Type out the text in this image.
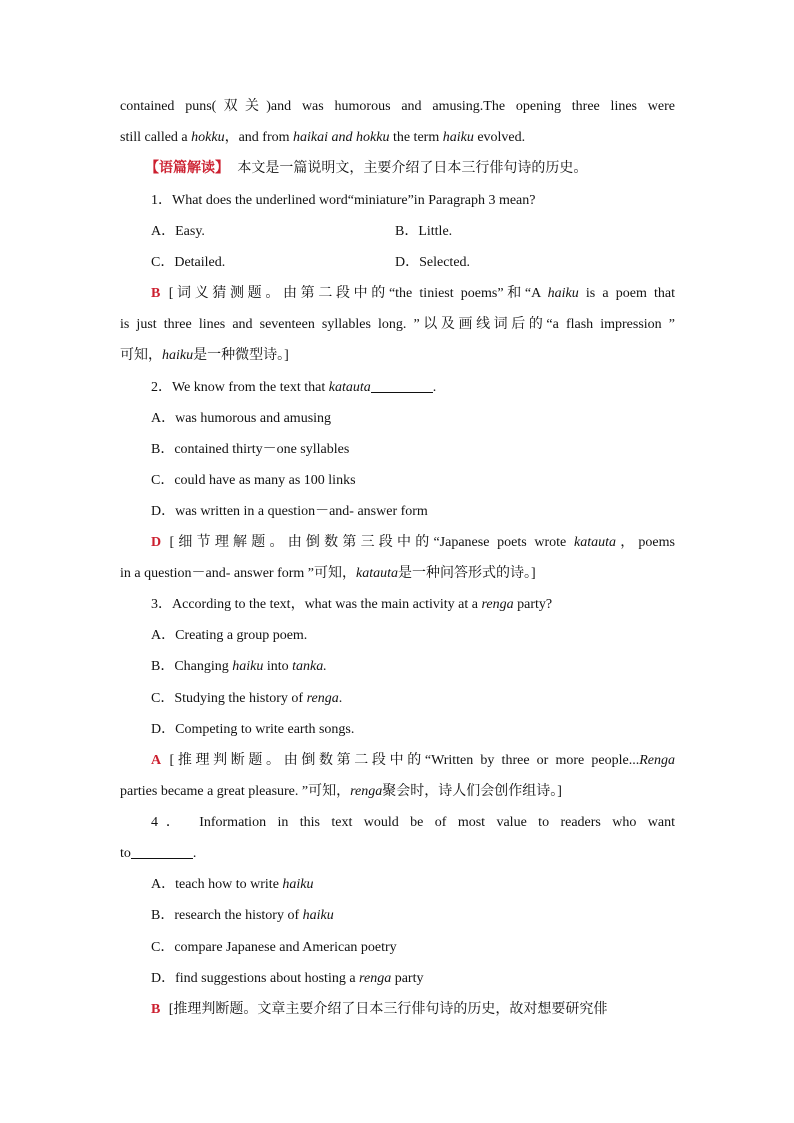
contained puns(双关)and was humorous and amusing.The opening three lines were
still called a hokku，and from haikai and hokku the term haiku evolved.
【语篇解读】 本文是一篇说明文，主要介绍了日本三行俳句诗的历史。
1．What does the underlined word“miniature”in Paragraph 3 mean?
A．Easy.	B．Little.
C．Detailed.	D．Selected.
B [词义猜测题。由第二段中的“the tiniest poems”和“A haiku is a poem that
is just three lines and seventeen syllables long. ”以及画线词后的“a flash impression ”
可知，haiku是一种微型诗。]
2．We know from the text that katauta	.
A．was humorous and amusing
B．contained thirty－one syllables
C．could have as many as 100 links
D．was written in a question－and- answer form
D [细节理解题。由倒数第三段中的“Japanese poets wrote katauta，poems
in a question－and- answer form ”可知，katauta是一种问答形式的诗。]
3．According to the text，what was the main activity at a renga party?
A．Creating a group poem.
B．Changing haiku into tanka.
C．Studying the history of renga.
D．Competing to write earth songs.
A [推理判断题。由倒数第二段中的“Written by three or more people...Renga
parties became a great pleasure. ”可知，renga聚会时，诗人们会创作组诗。]
4． Information in this text would be of most value to readers who want
to	.
A．teach how to write haiku
B．research the history of haiku
C．compare Japanese and American poetry
D．find suggestions about hosting a renga party
B [推理判断题。文章主要介绍了日本三行俳句诗的历史，故对想要研究俳
